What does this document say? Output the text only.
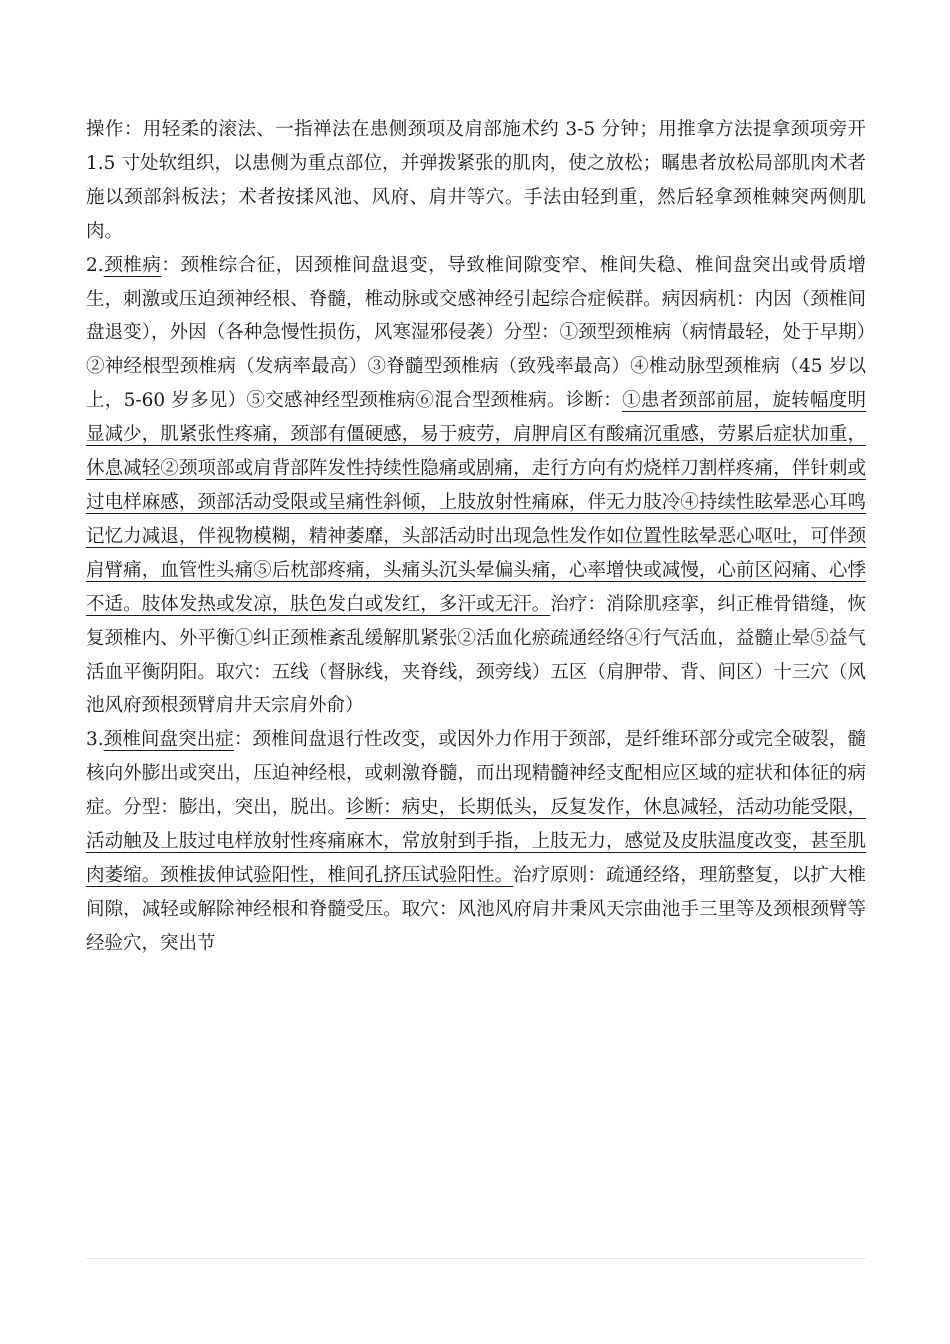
操作：用轻柔的滚法、一指禅法在患侧颈项及肩部施术约 3-5 分钟；用推拿方法提拿颈项旁开 1.5 寸处软组织，以患侧为重点部位，并弹拨紧张的肌肉，使之放松；瞩患者放松局部肌肉术者施以颈部斜板法；术者按揉风池、风府、肩井等穴。手法由轻到重，然后轻拿颈椎棘突两侧肌肉。

2.颈椎病：颈椎综合征，因颈椎间盘退变，导致椎间隙变窄、椎间失稳、椎间盘突出或骨质增生，刺激或压迫颈神经根、脊髓，椎动脉或交感神经引起综合症候群。病因病机：内因（颈椎间盘退变），外因（各种急慢性损伤，风寒湿邪侵袭）分型：①颈型颈椎病（病情最轻，处于早期）②神经根型颈椎病（发病率最高）③脊髓型颈椎病（致残率最高）④椎动脉型颈椎病（45 岁以上，5-60 岁多见）⑤交感神经型颈椎病⑥混合型颈椎病。诊断：①患者颈部前屈，旋转幅度明显减少，肌紧张性疼痛，颈部有僵硬感，易于疲劳，肩胛肩区有酸痛沉重感，劳累后症状加重，休息减轻②颈项部或肩背部阵发性持续性隐痛或剧痛，走行方向有灼烧样刀割样疼痛，伴针刺或过电样麻感，颈部活动受限或呈痛性斜倾，上肢放射性痛麻，伴无力肢冷④持续性眩晕恶心耳鸣记忆力减退，伴视物模糊，精神萎靡，头部活动时出现急性发作如位置性眩晕恶心呕吐，可伴颈肩臂痛，血管性头痛⑤后枕部疼痛，头痛头沉头晕偏头痛，心率增快或减慢，心前区闷痛、心悸不适。肢体发热或发凉，肤色发白或发红，多汗或无汗。治疗：消除肌痉挛，纠正椎骨错缝，恢复颈椎内、外平衡①纠正颈椎紊乱缓解肌紧张②活血化瘀疏通经络④行气活血，益髓止晕⑤益气活血平衡阴阳。取穴：五线（督脉线，夹脊线，颈旁线）五区（肩胛带、背、间区）十三穴（风池风府颈根颈臂肩井天宗肩外俞）

3.颈椎间盘突出症：颈椎间盘退行性改变，或因外力作用于颈部，是纤维环部分或完全破裂，髓核向外膨出或突出，压迫神经根，或刺激脊髓，而出现精髓神经支配相应区域的症状和体征的病症。分型：膨出，突出，脱出。诊断：病史，长期低头，反复发作，休息减轻，活动功能受限，活动触及上肢过电样放射性疼痛麻木，常放射到手指，上肢无力，感觉及皮肤温度改变，甚至肌肉萎缩。颈椎拔伸试验阳性，椎间孔挤压试验阳性。治疗原则：疏通经络，理筋整复，以扩大椎间隙，减轻或解除神经根和脊髓受压。取穴：风池风府肩井秉风天宗曲池手三里等及颈根颈臂等经验穴，突出节
